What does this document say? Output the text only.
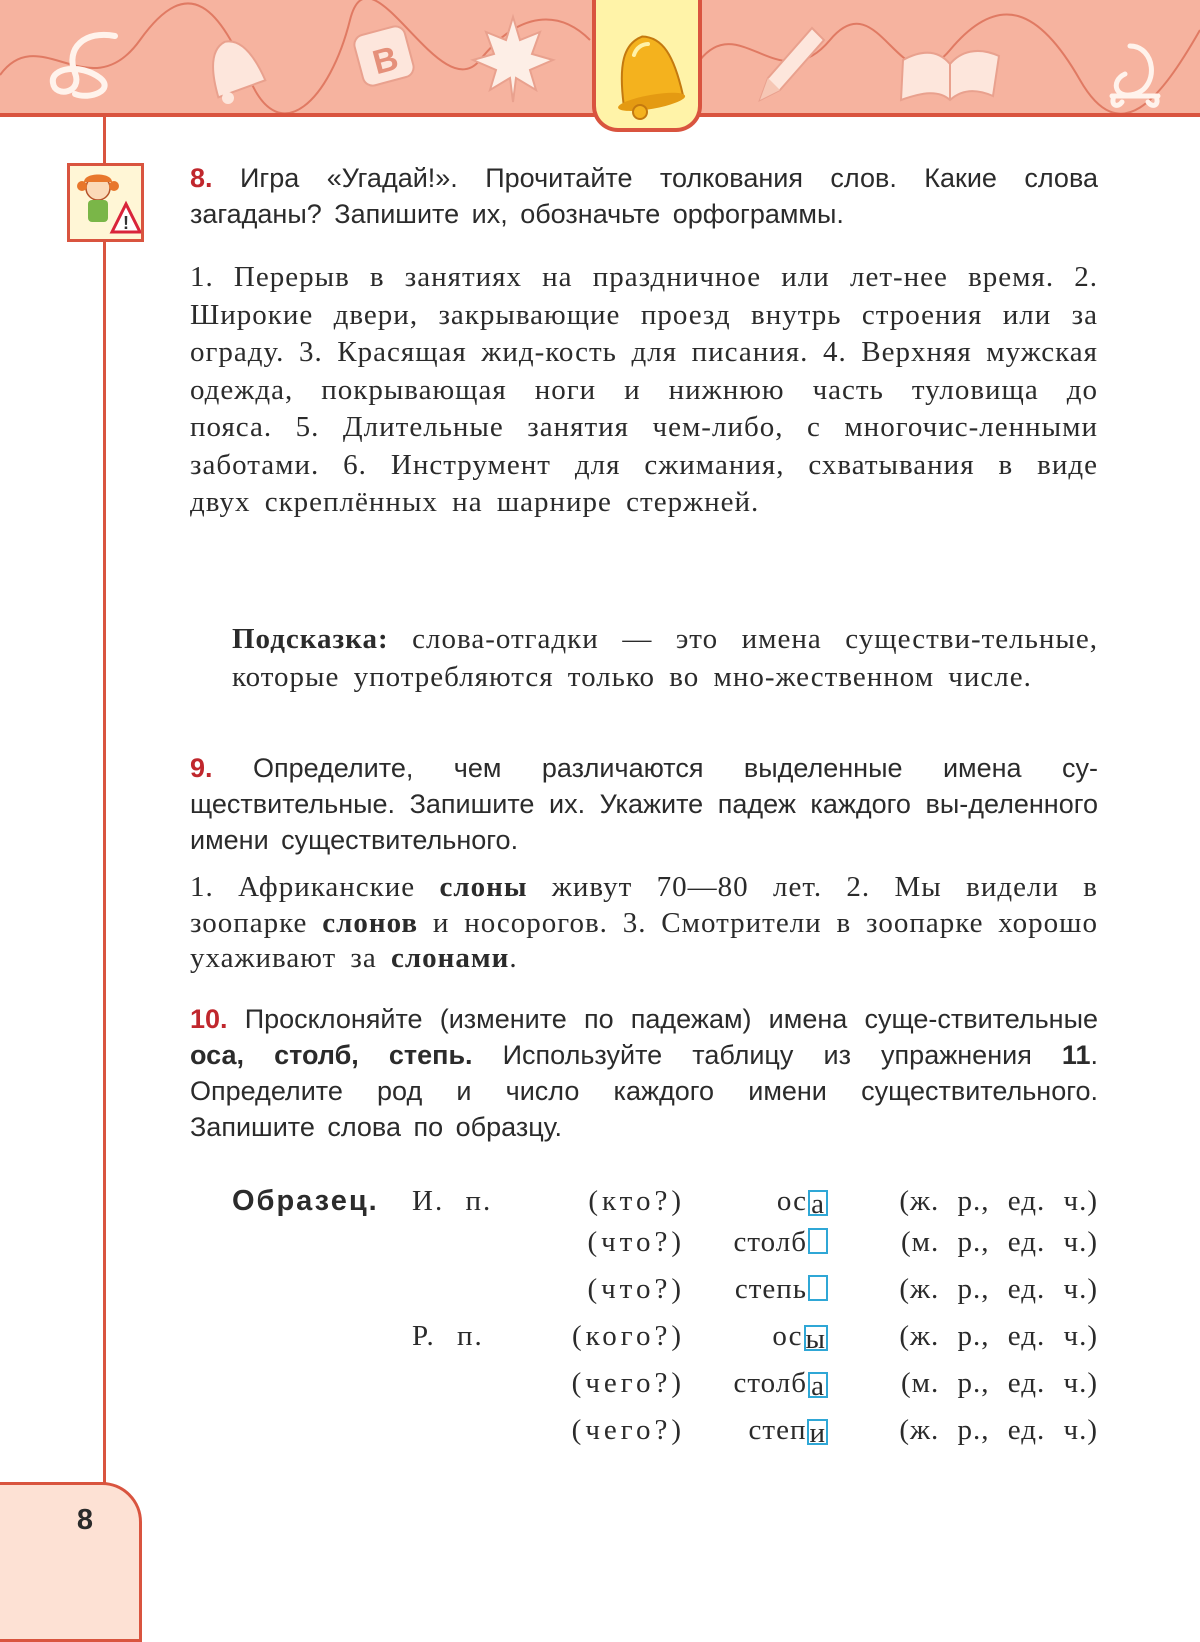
В
8
!
8. Игра «Угадай!». Прочитайте толкования слов. Какие слова загаданы? Запишите их, обозначьте орфограммы.
1. Перерыв в занятиях на праздничное или лет-нее время. 2. Широкие двери, закрывающие проезд внутрь строения или за ограду. 3. Красящая жид-кость для писания. 4. Верхняя мужская одежда, покрывающая ноги и нижнюю часть туловища до пояса. 5. Длительные занятия чем-либо, с многочис-ленными заботами. 6. Инструмент для сжимания, схватывания в виде двух скреплённых на шарнире стержней.
Подсказка: слова-отгадки — это имена существи-тельные, которые употребляются только во мно-жественном числе.
9. Определите, чем различаются выделенные имена су-ществительные. Запишите их. Укажите падеж каждого вы-деленного имени существительного.
1. Африканские слоны живут 70—80 лет. 2. Мы видели в зоопарке слонов и носорогов. 3. Смотрители в зоопарке хорошо ухаживают за слонами.
10. Просклоняйте (измените по падежам) имена суще-ствительные оса, столб, степь. Используйте таблицу из упражнения 11. Определите род и число каждого имени существительного. Запишите слова по образцу.
Образец. И. п.	(кто?)	ос а	(ж. р., ед. ч.)
(что?) столб	(м. р., ед. ч.)
(что?) степь	(ж. р., ед. ч.)
Р. п.	(кого?)	ос ы	(ж. р., ед. ч.)
(чего?) столб а	(м. р., ед. ч.)
(чего?) степ и	(ж. р., ед. ч.)
